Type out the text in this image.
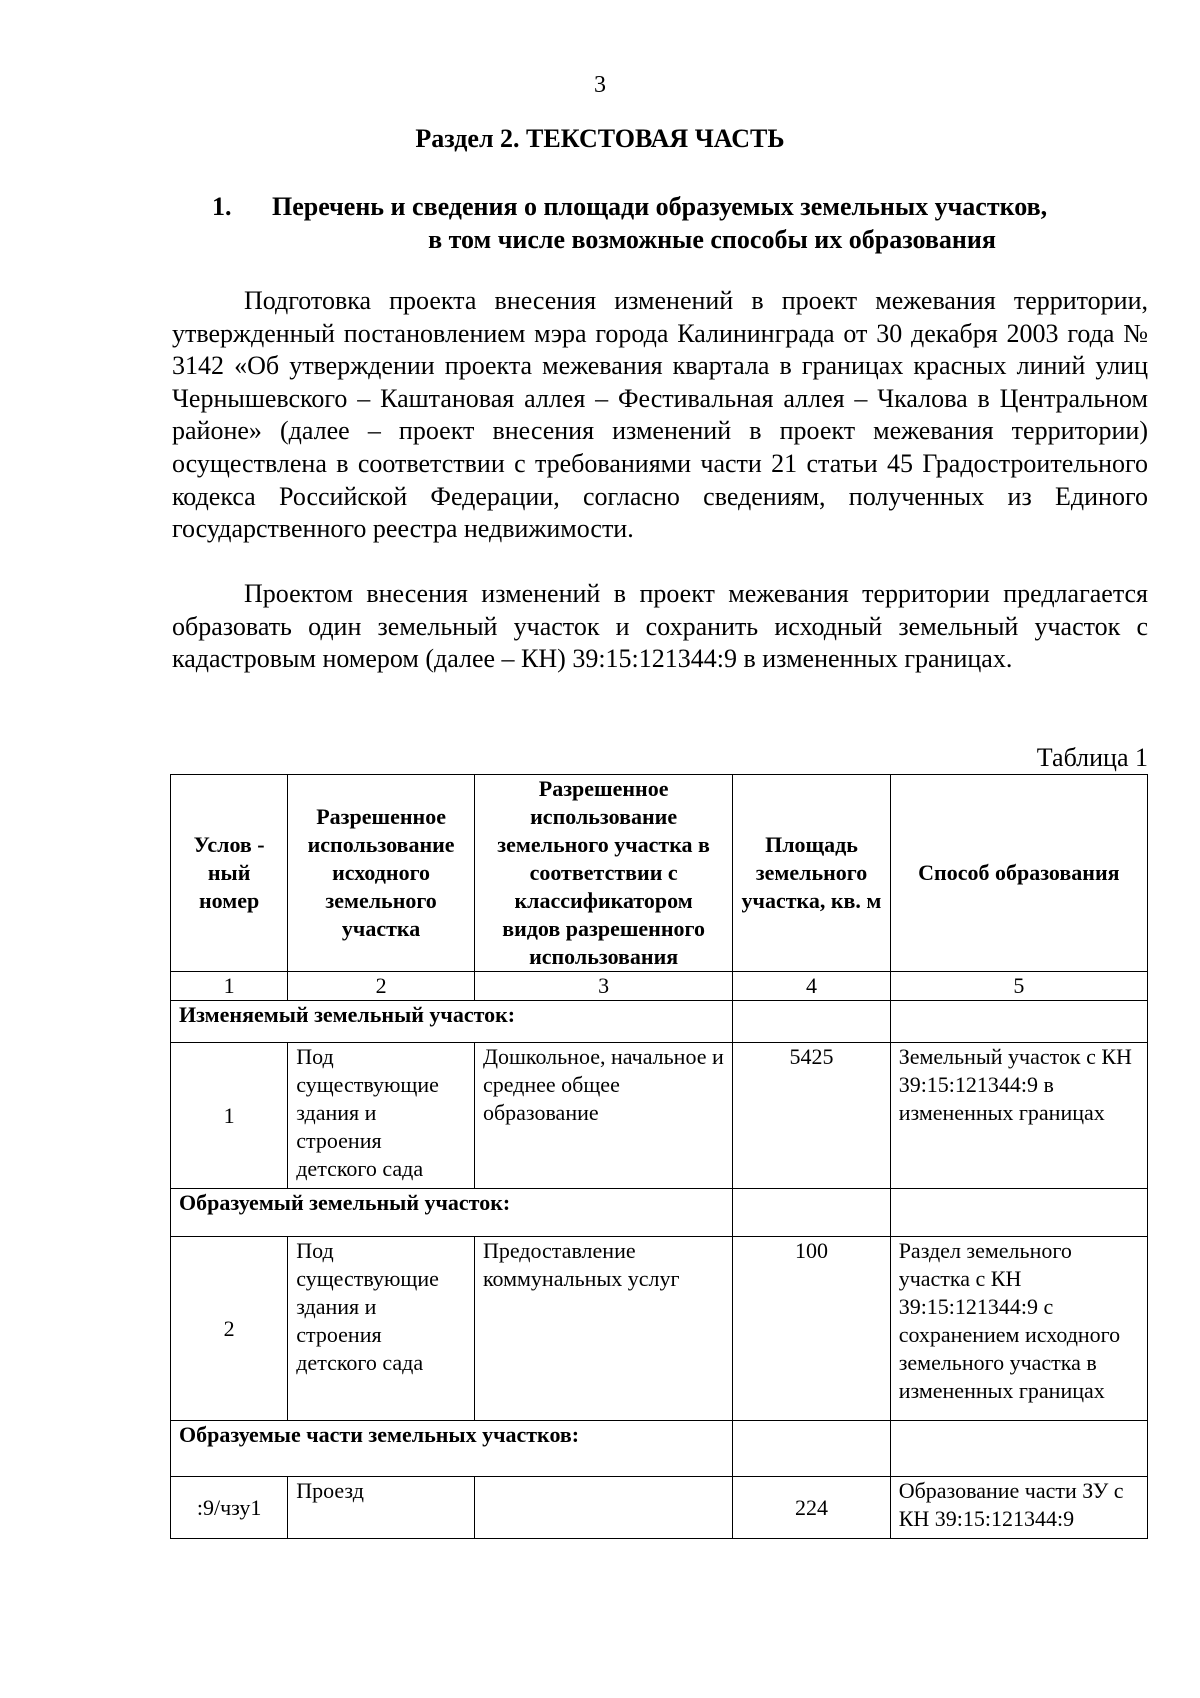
3
Раздел 2. ТЕКСТОВАЯ ЧАСТЬ
1. Перечень и сведения о площади образуемых земельных участков,
в том числе возможные способы их образования

Подготовка проекта внесения изменений в проект межевания территории, утвержденный постановлением мэра города Калининграда от 30 декабря 2003 года № 3142 «Об утверждении проекта межевания квартала в границах красных линий улиц Чернышевского – Каштановая аллея – Фестивальная аллея – Чкалова в Центральном районе» (далее – проект внесения изменений в проект межевания территории) осуществлена в соответствии с требованиями части 21 статьи 45 Градостроительного кодекса Российской Федерации, согласно сведениям, полученных из Единого государственного реестра недвижимости.

Проектом внесения изменений в проект межевания территории предлагается образовать один земельный участок и сохранить исходный земельный участок с кадастровым номером (далее – КН) 39:15:121344:9 в измененных границах.

Таблица 1
Услов - ный номер	Разрешенное использование исходного земельного участка	Разрешенное использование земельного участка в соответствии с классификатором видов разрешенного использования	Площадь земельного участка, кв. м	Способ образования
1	2	3	4	5
Изменяемый земельный участок:				
1	Под существующие здания и строения детского сада	Дошкольное, начальное и среднее общее образование	5425	Земельный участок с КН 39:15:121344:9 в измененных границах
Образуемый земельный участок:				
2	Под существующие здания и строения детского сада	Предоставление коммунальных услуг	100	Раздел земельного участка с КН 39:15:121344:9 с сохранением исходного земельного участка в измененных границах
Образуемые части земельных участков:				
:9/чзу1	Проезд		224	Образование части ЗУ с КН 39:15:121344:9
